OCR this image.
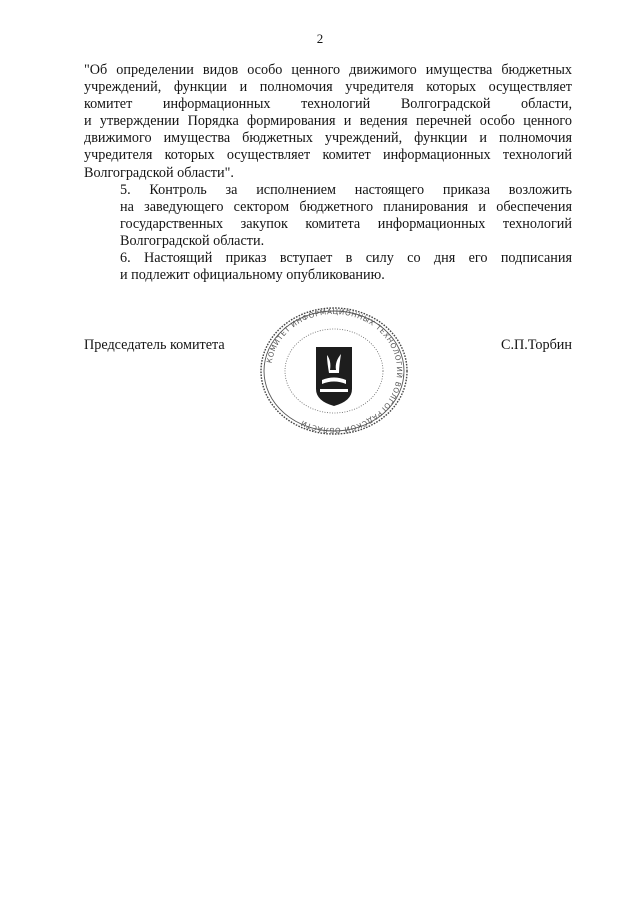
2

"Об определении видов особо ценного движимого имущества бюджетных
учреждений, функции и полномочия учредителя которых осуществляет
комитет информационных технологий Волгоградской области,
и утверждении Порядка формирования и ведения перечней особо ценного
движимого имущества бюджетных учреждений, функции и полномочия
учредителя которых осуществляет комитет информационных технологий
Волгоградской области".

5. Контроль за исполнением настоящего приказа возложить
на заведующего сектором бюджетного планирования и обеспечения
государственных закупок комитета информационных технологий
Волгоградской области.

6. Настоящий приказ вступает в силу со дня его подписания
и подлежит официальному опубликованию.

Председатель комитета	С.П.Торбин
КОМИТЕТ ИНФОРМАЦИОННЫХ ТЕХНОЛОГИЙ ВОЛГОГРАДСКОЙ ОБЛАСТИ
